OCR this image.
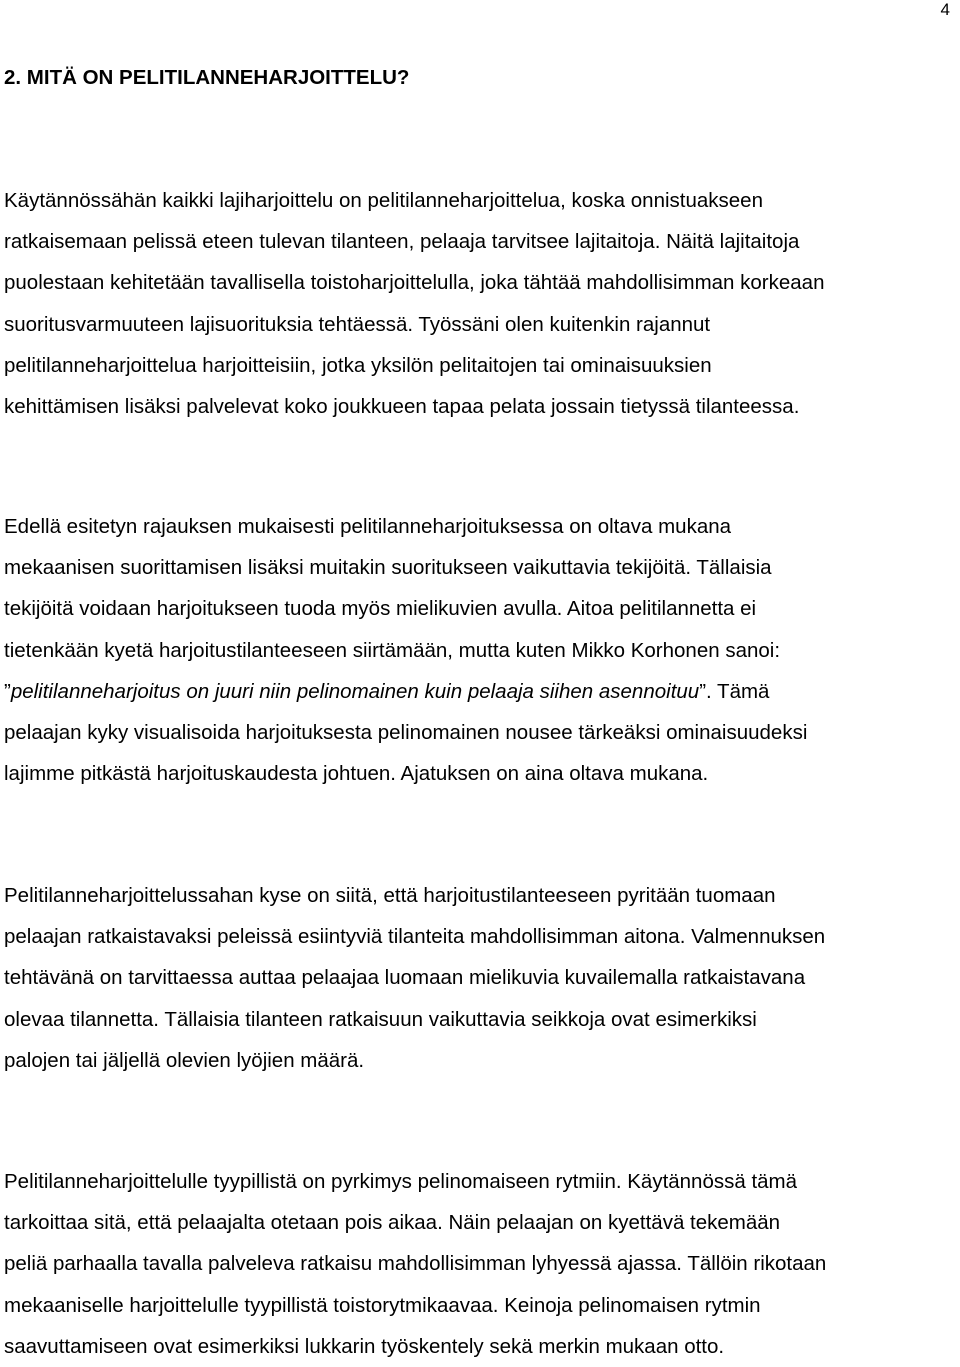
4
2. MITÄ ON PELITILANNEHARJOITTELU?
Käytännössähän kaikki lajiharjoittelu on pelitilanneharjoittelua, koska onnistuakseen
ratkaisemaan pelissä eteen tulevan tilanteen, pelaaja tarvitsee lajitaitoja. Näitä lajitaitoja
puolestaan kehitetään tavallisella toistoharjoittelulla, joka tähtää mahdollisimman korkeaan
suoritusvarmuuteen lajisuorituksia tehtäessä. Työssäni olen kuitenkin rajannut
pelitilanneharjoittelua harjoitteisiin, jotka yksilön pelitaitojen tai ominaisuuksien
kehittämisen lisäksi palvelevat koko joukkueen tapaa pelata jossain tietyssä tilanteessa.
Edellä esitetyn rajauksen mukaisesti pelitilanneharjoituksessa on oltava mukana
mekaanisen suorittamisen lisäksi muitakin suoritukseen vaikuttavia tekijöitä. Tällaisia
tekijöitä voidaan harjoitukseen tuoda myös mielikuvien avulla. Aitoa pelitilannetta ei
tietenkään kyetä harjoitustilanteeseen siirtämään, mutta kuten Mikko Korhonen sanoi:
”pelitilanneharjoitus on juuri niin pelinomainen kuin pelaaja siihen asennoituu”. Tämä
pelaajan kyky visualisoida harjoituksesta pelinomainen nousee tärkeäksi ominaisuudeksi
lajimme pitkästä harjoituskaudesta johtuen. Ajatuksen on aina oltava mukana.
Pelitilanneharjoittelussahan kyse on siitä, että harjoitustilanteeseen pyritään tuomaan
pelaajan ratkaistavaksi peleissä esiintyviä tilanteita mahdollisimman aitona. Valmennuksen
tehtävänä on tarvittaessa auttaa pelaajaa luomaan mielikuvia kuvailemalla ratkaistavana
olevaa tilannetta. Tällaisia tilanteen ratkaisuun vaikuttavia seikkoja ovat esimerkiksi
palojen tai jäljellä olevien lyöjien määrä.
Pelitilanneharjoittelulle tyypillistä on pyrkimys pelinomaiseen rytmiin. Käytännössä tämä
tarkoittaa sitä, että pelaajalta otetaan pois aikaa. Näin pelaajan on kyettävä tekemään
peliä parhaalla tavalla palveleva ratkaisu mahdollisimman lyhyessä ajassa. Tällöin rikotaan
mekaaniselle harjoittelulle tyypillistä toistorytmikaavaa. Keinoja pelinomaisen rytmin
saavuttamiseen ovat esimerkiksi lukkarin työskentely sekä merkin mukaan otto.
